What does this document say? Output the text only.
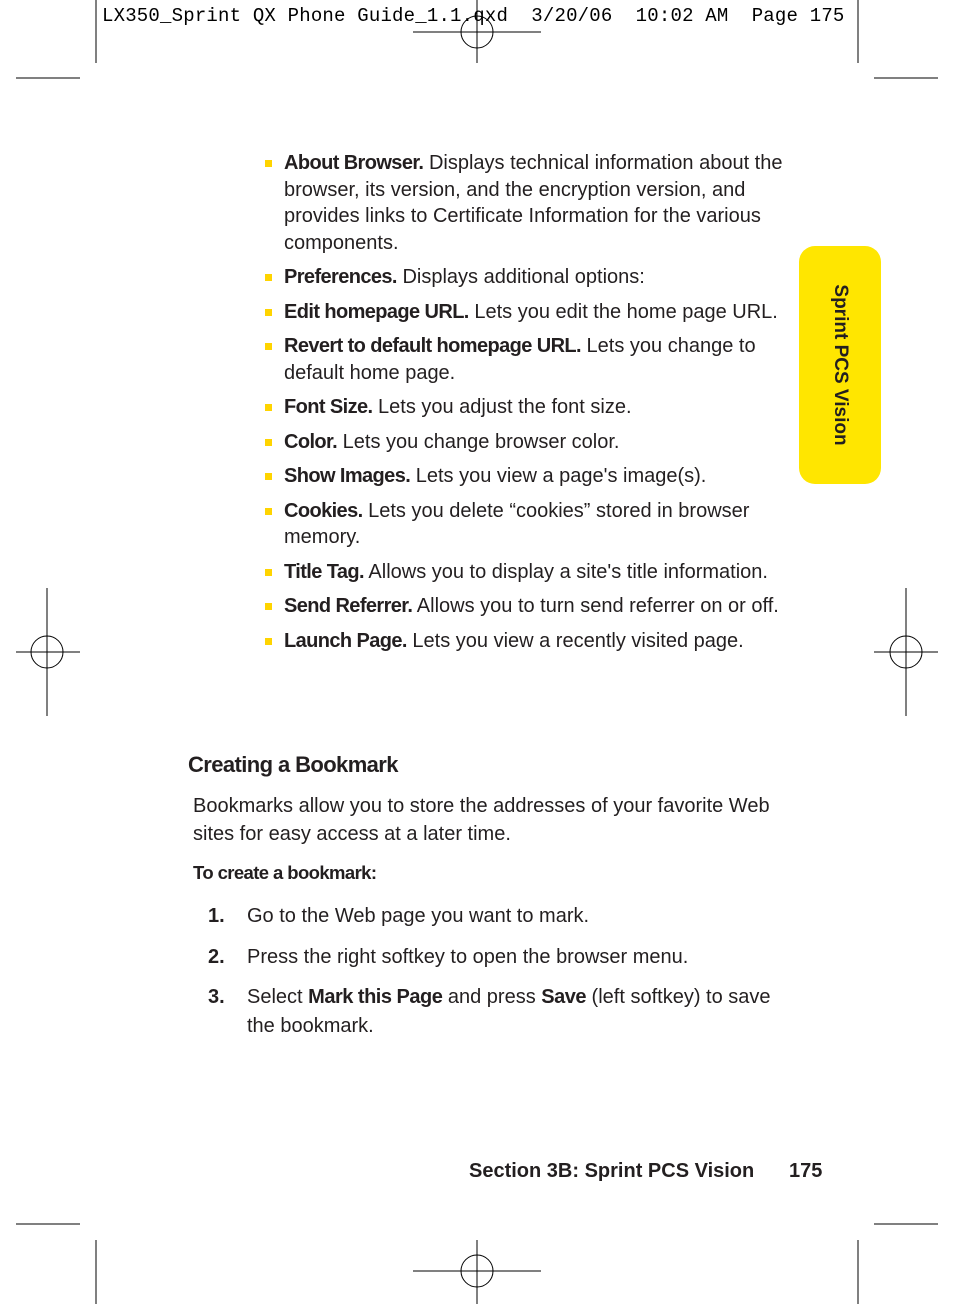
LX350_Sprint QX Phone Guide_1.1.qxd  3/20/06  10:02 AM  Page 175
Sprint PCS Vision
About Browser. Displays technical information about the browser, its version, and the encryption version, and provides links to Certificate Information for the various components.
Preferences. Displays additional options:
Edit homepage URL. Lets you edit the home page URL.
Revert to default homepage URL. Lets you change to default home page.
Font Size. Lets you adjust the font size.
Color. Lets you change browser color.
Show Images. Lets you view a page's image(s).
Cookies. Lets you delete “cookies” stored in browser memory.
Title Tag. Allows you to display a site's title information.
Send Referrer. Allows you to turn send referrer on or off.
Launch Page. Lets you view a recently visited page.
Creating a Bookmark

Bookmarks allow you to store the addresses of your favorite Web sites for easy access at a later time.

To create a bookmark:

1. Go to the Web page you want to mark.
2. Press the right softkey to open the browser menu.
3. Select Mark this Page and press Save (left softkey) to save the bookmark.
Section 3B: Sprint PCS Vision 175
